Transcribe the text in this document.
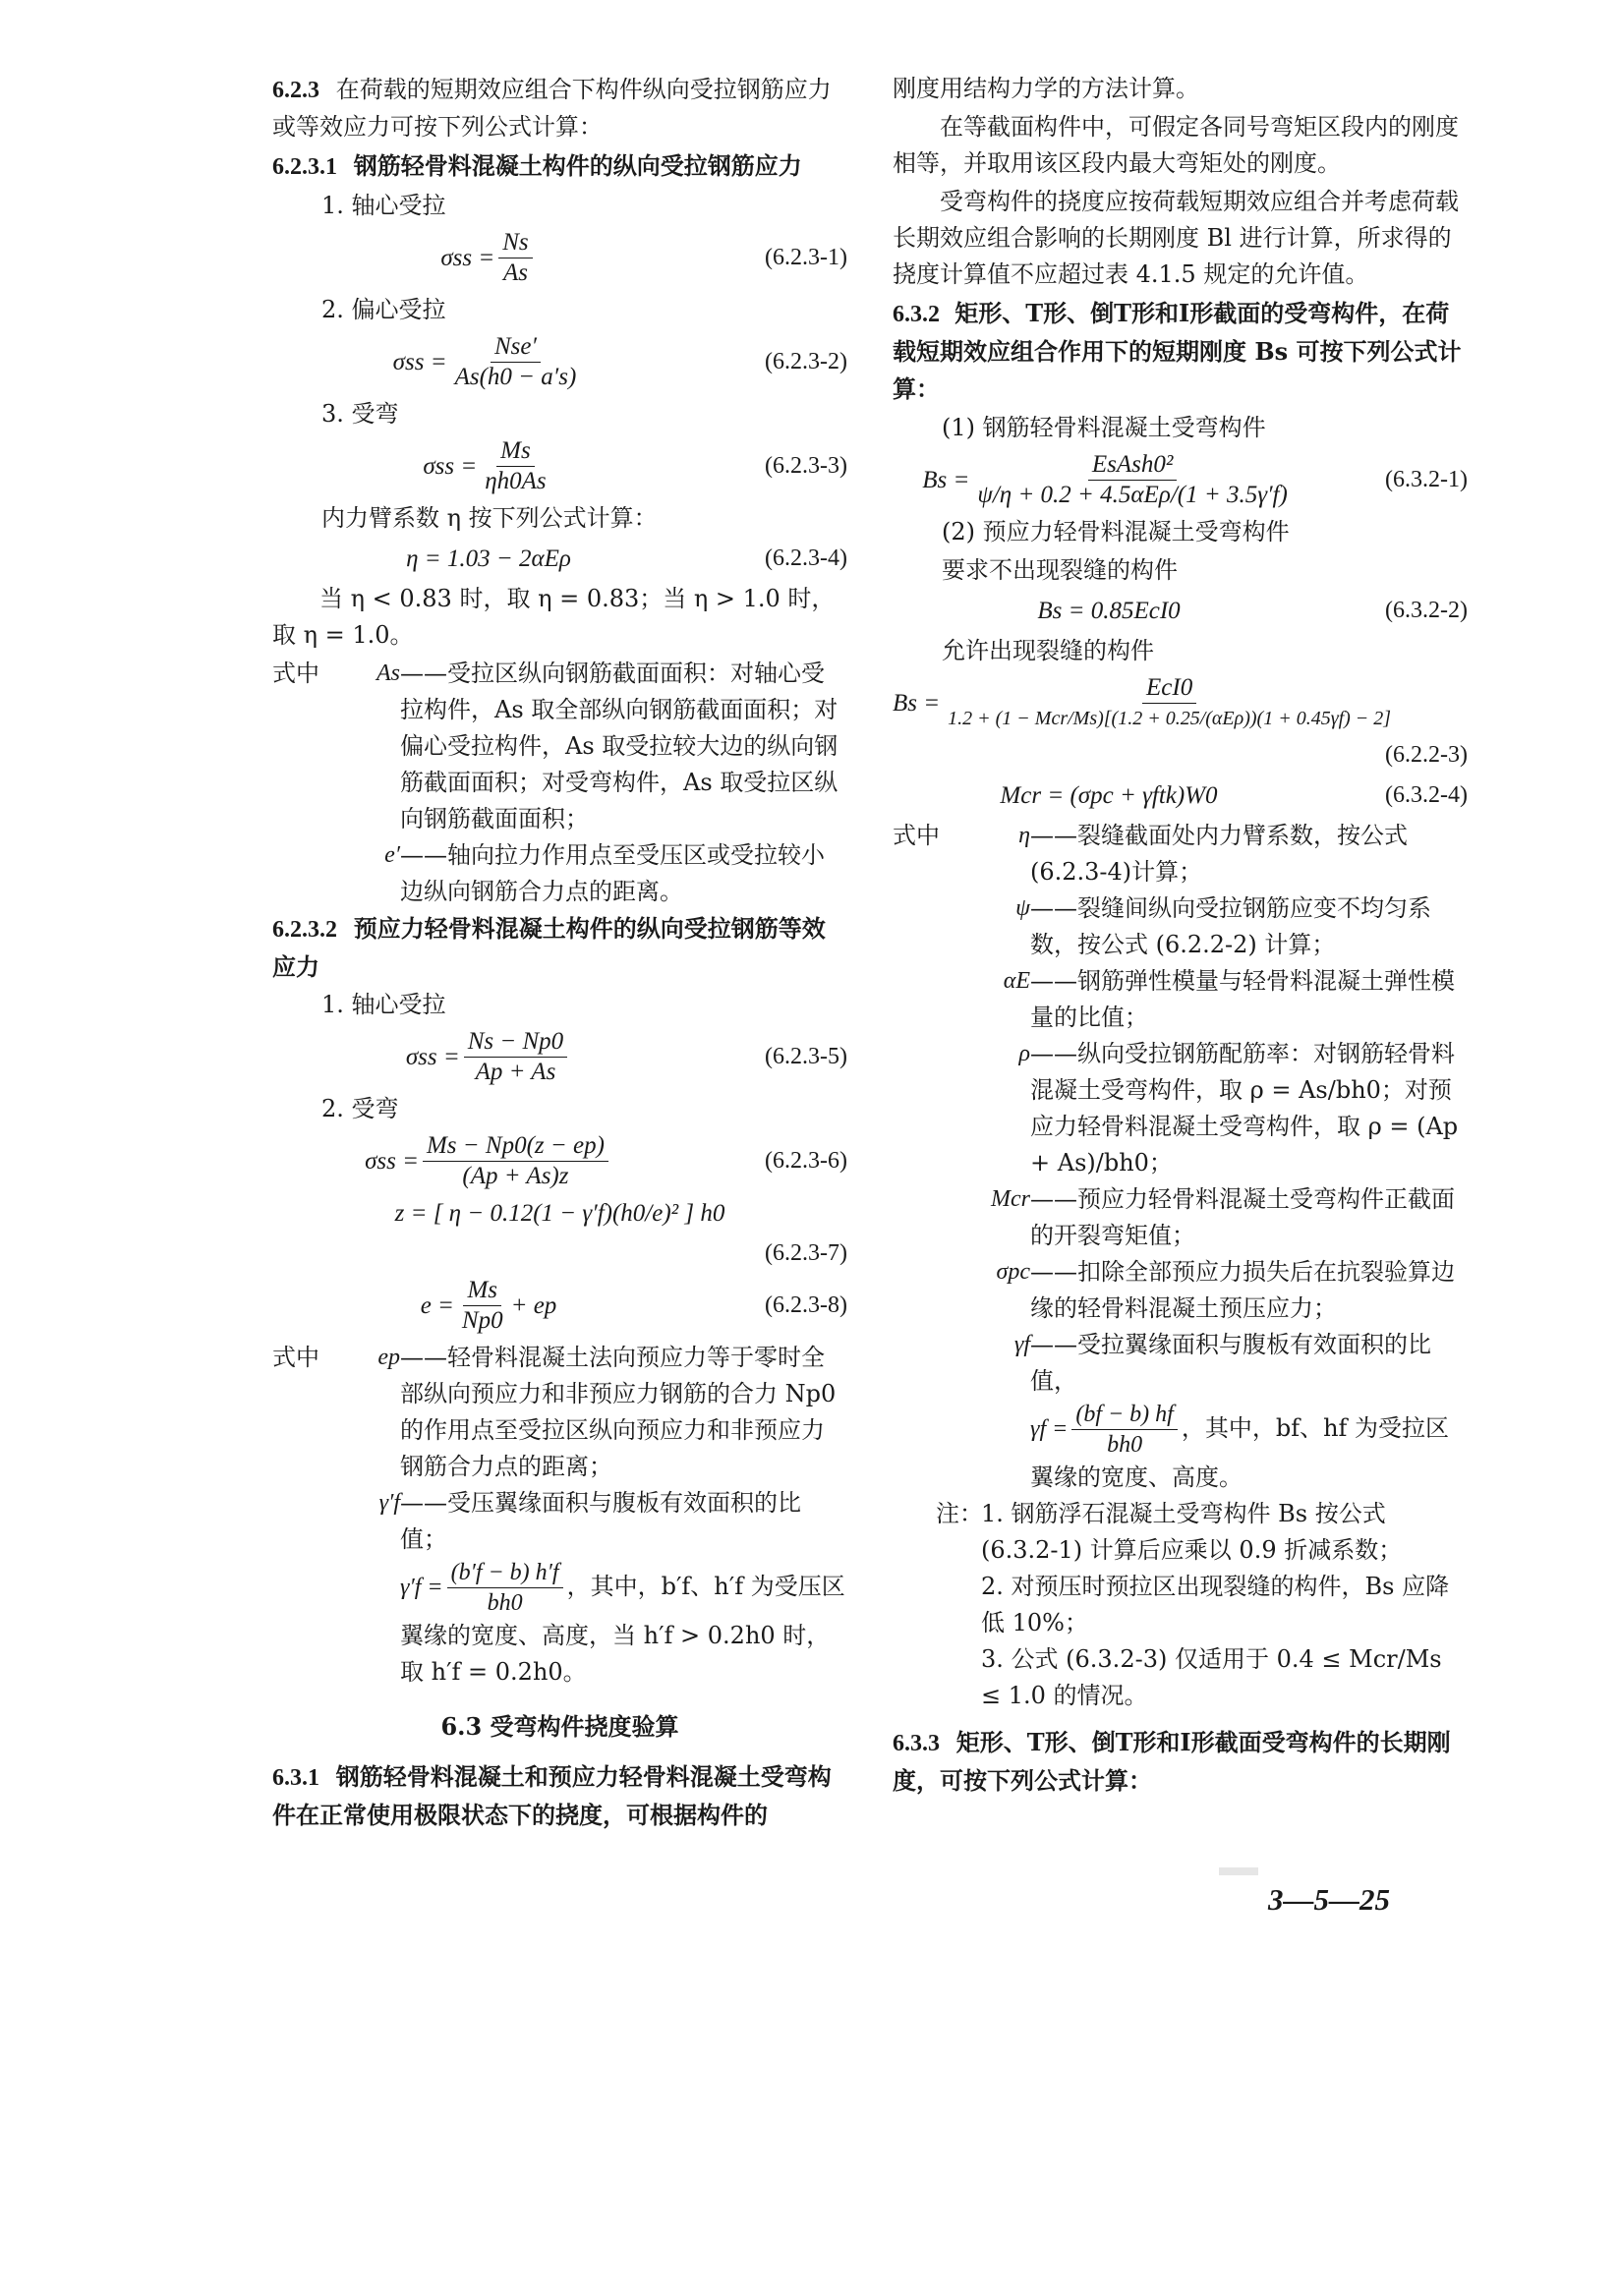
6.2.3 在荷载的短期效应组合下构件纵向受拉钢筋应力或等效应力可按下列公式计算：

6.2.3.1 钢筋轻骨料混凝土构件的纵向受拉钢筋应力

1. 轴心受拉

$\sigma ss = \frac{Ns}{As}$	(6.2.3-1)

2. 偏心受拉

$\sigma ss = \frac{\text{Nse′}}{As(h0 - a's)}$	(6.2.3-2)

3. 受弯

$\sigma ss = \frac{Ms}{\eta h0As}$	(6.2.3-3)

内力臂系数 η 按下列公式计算：

η = 1.03 − 2αEρ	(6.2.3-4)

当 η < 0.83 时，取 η = 0.83；当 η > 1.0 时，取 η = 1.0。

式中	As ——受拉区纵向钢筋截面面积：对轴心受拉构件，As 取全部纵向钢筋截面面积；对偏心受拉构件，As 取受拉较大边的纵向钢筋截面面积；对受弯构件，As 取受拉区纵向钢筋截面面积；
e′ ——轴向拉力作用点至受压区或受拉较小边纵向钢筋合力点的距离。

6.2.3.2 预应力轻骨料混凝土构件的纵向受拉钢筋等效应力

1. 轴心受拉

$\sigma ss = \frac{Ns - Np0}{Ap + As}$	(6.2.3-5)

2. 受弯

$\sigma ss = \frac{Ms - Np0(z - ep)}{(Ap + As)z}$	(6.2.3-6)
z = [ η − 0.12(1 − γ′f)(h0/e)² ] h0
(6.2.3-7)
$e = \frac{Ms}{Np0}$ + ep	(6.2.3-8)
式中	ep ——轻骨料混凝土法向预应力等于零时全部纵向预应力和非预应力钢筋的合力 Np0 的作用点至受拉区纵向预应力和非预应力钢筋合力点的距离；
γ′f ——受压翼缘面积与腹板有效面积的比值；
$\gamma'f = \frac{(b'f - b) h'f}{bh0}$ ，其中，b′f、h′f 为受压区翼缘的宽度、高度，当 h′f > 0.2h0 时，取 h′f = 0.2h0。
6.3 受弯构件挠度验算

6.3.1 钢筋轻骨料混凝土和预应力轻骨料混凝土受弯构件在正常使用极限状态下的挠度，可根据构件的

刚度用结构力学的方法计算。

在等截面构件中，可假定各同号弯矩区段内的刚度相等，并取用该区段内最大弯矩处的刚度。

受弯构件的挠度应按荷载短期效应组合并考虑荷载长期效应组合影响的长期刚度 Bl 进行计算，所求得的挠度计算值不应超过表 4.1.5 规定的允许值。

6.3.2 矩形、T形、倒T形和I形截面的受弯构件，在荷载短期效应组合作用下的短期刚度 Bs 可按下列公式计算：

(1) 钢筋轻骨料混凝土受弯构件

$Bs = \frac{\text{EsAsh0²}}{\text{ψ/η + 0.2 + 4.5αEρ/(1 + 3.5γ′f)}}$	(6.3.2-1)

(2) 预应力轻骨料混凝土受弯构件

要求不出现裂缝的构件

Bs = 0.85EcI0	(6.3.2-2)

允许出现裂缝的构件

$Bs = \frac{\text{EcI0}}{\text{1.2 + (1 − Mcr/Ms)[(1.2 + 0.25/(αEρ))(1 + 0.45γf) − 2]}}$
(6.2.2-3)
Mcr = (σpc + γftk)W0	(6.3.2-4)
式中	η ——裂缝截面处内力臂系数，按公式(6.2.3-4)计算；
ψ ——裂缝间纵向受拉钢筋应变不均匀系数，按公式 (6.2.2-2) 计算；
αE ——钢筋弹性模量与轻骨料混凝土弹性模量的比值；
ρ ——纵向受拉钢筋配筋率：对钢筋轻骨料混凝土受弯构件，取 ρ = As/bh0；对预应力轻骨料混凝土受弯构件，取 ρ = (Ap + As)/bh0；
Mcr ——预应力轻骨料混凝土受弯构件正截面的开裂弯矩值；
σpc ——扣除全部预应力损失后在抗裂验算边缘的轻骨料混凝土预压应力；
γf ——受拉翼缘面积与腹板有效面积的比值，
$\gamma f = \frac{(bf - b) hf}{bh0}$ ，其中，bf、hf 为受拉区翼缘的宽度、高度。
注：
1. 钢筋浮石混凝土受弯构件 Bs 按公式 (6.3.2-1) 计算后应乘以 0.9 折减系数；
2. 对预压时预拉区出现裂缝的构件，Bs 应降低 10%；
3. 公式 (6.3.2-3) 仅适用于 0.4 ≤ Mcr/Ms ≤ 1.0 的情况。

6.3.3 矩形、T形、倒T形和I形截面受弯构件的长期刚度，可按下列公式计算：

3—5—25
